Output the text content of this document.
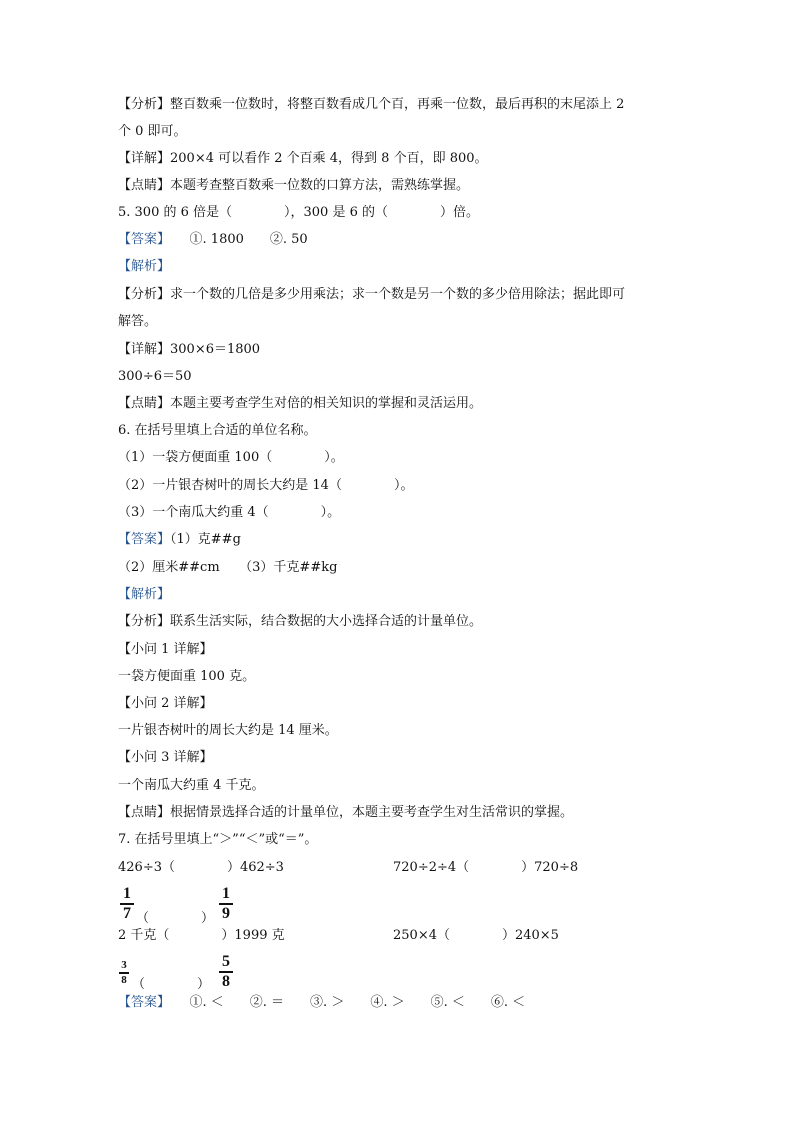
【分析】整百数乘一位数时，将整百数看成几个百，再乘一位数，最后再积的末尾添上 2
个 0 即可。
【详解】200×4 可以看作 2 个百乘 4，得到 8 个百，即 800。
【点睛】本题考查整百数乘一位数的口算方法，需熟练掌握。
5. 300 的 6 倍是（　　　　），300 是 6 的（　　　　）倍。
【答案】　　 ①. 1800　　②. 50
【解析】
【分析】求一个数的几倍是多少用乘法；求一个数是另一个数的多少倍用除法；据此即可
解答。
【详解】300×6＝1800
300÷6＝50
【点睛】本题主要考查学生对倍的相关知识的掌握和灵活运用。
6. 在括号里填上合适的单位名称。
（1）一袋方便面重 100（　　　　）。
（2）一片银杏树叶的周长大约是 14（　　　　）。
（3）一个南瓜大约重 4（　　　　）。
【答案】（1）克##g
（2）厘米##cm　　（3）千克##kg
【解析】
【分析】联系生活实际，结合数据的大小选择合适的计量单位。
【小问 1 详解】
一袋方便面重 100 克。
【小问 2 详解】
一片银杏树叶的周长大约是 14 厘米。
【小问 3 详解】
一个南瓜大约重 4 千克。
【点睛】根据情景选择合适的计量单位，本题主要考查学生对生活常识的掌握。
7. 在括号里填上“＞”“＜”或“＝”。
426÷3（　　　　）462÷3	720÷2÷4（　　　　）720÷8
1
7 （　　　　）
1
9
2 千克（　　　　）1999 克	250×4（　　　　）240×5
3
8 （　　　　）
5
8
【答案】　　 ①. ＜　　②. ＝　　③. ＞　　④. ＞　　⑤. ＜　　⑥. ＜
